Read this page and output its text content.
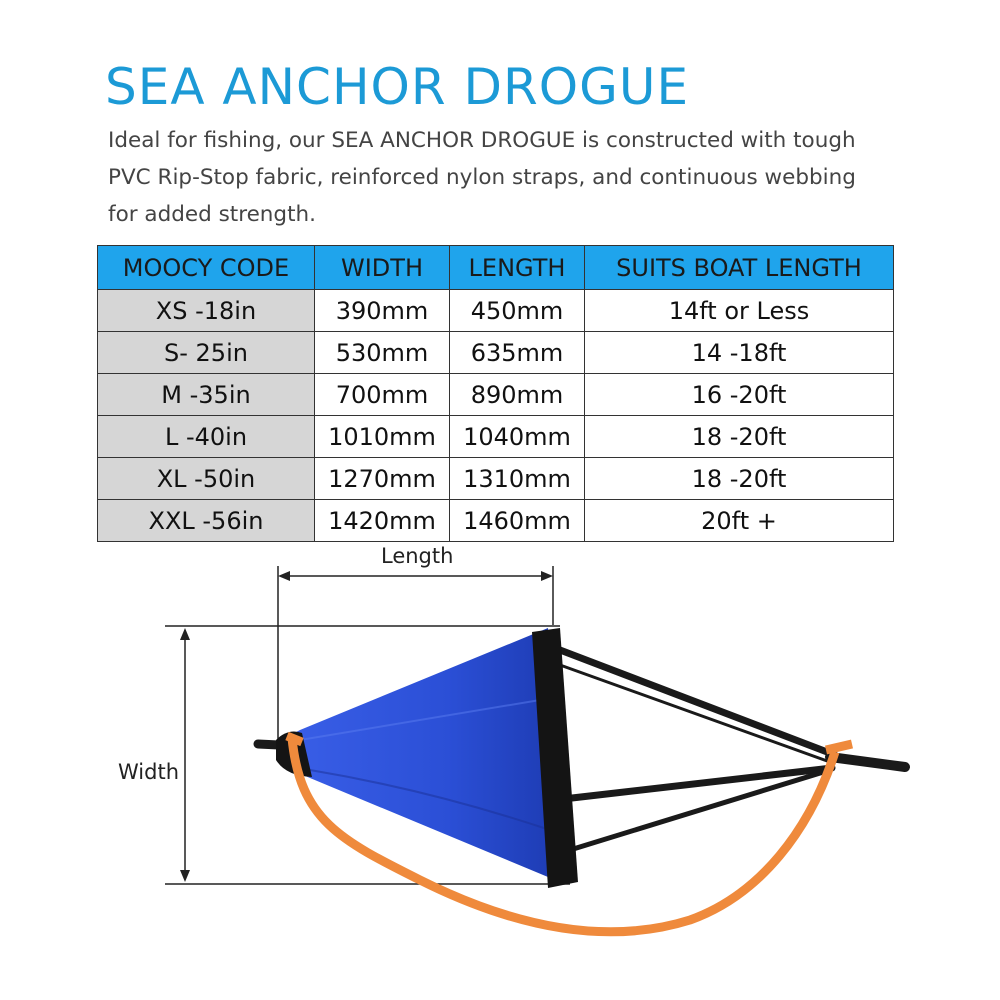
SEA ANCHOR DROGUE
Ideal for fishing, our SEA ANCHOR DROGUE is constructed with tough PVC Rip-Stop fabric, reinforced nylon straps, and continuous webbing for added strength.
MOOCY CODE	WIDTH	LENGTH	SUITS BOAT LENGTH
XS -18in	390mm	450mm	14ft or Less
S- 25in	530mm	635mm	14 -18ft
M -35in	700mm	890mm	16 -20ft
L -40in	1010mm	1040mm	18 -20ft
XL -50in	1270mm	1310mm	18 -20ft
XXL -56in	1420mm	1460mm	20ft +
Length
Width
